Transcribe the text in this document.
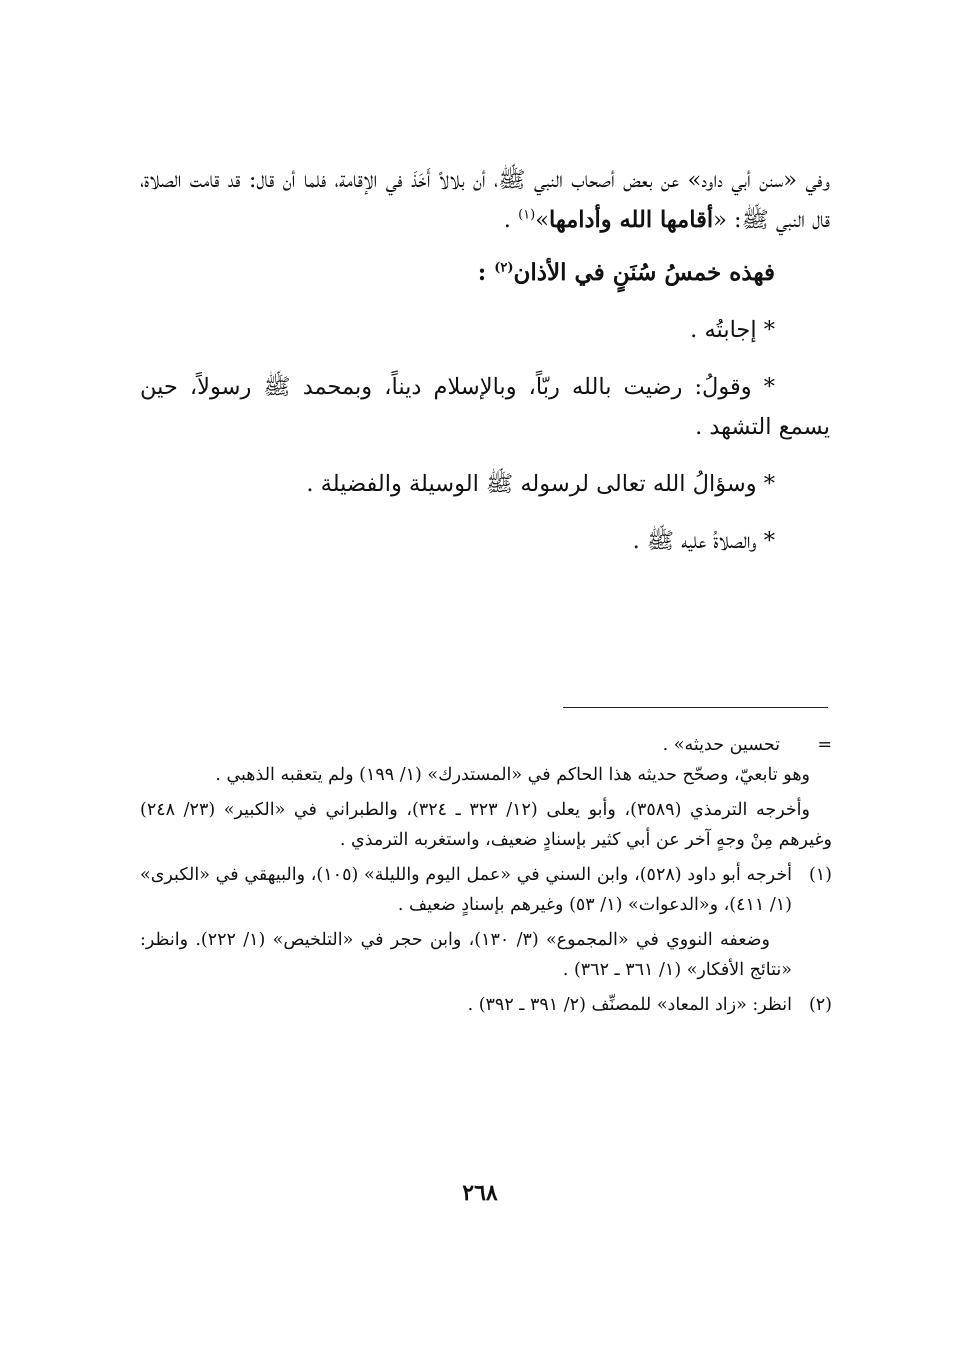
وفي «سنن أبي داود» عن بعض أصحاب النبي ﷺ، أن بلالاً أَخَذَ في الإقامة، فلما أن قال: قد قامت الصلاة، قال النبي ﷺ: «أقامها الله وأدامها»$^{(١)}$ .

فهذه خمسُ سُنَنٍ في الأذان$^{(٢)}$ :

* إجابتُه .

* وقولُ: رضيت بالله ربّاً، وبالإسلام ديناً، وبمحمد ﷺ رسولاً، حين يسمع التشهد .

* وسؤالُ الله تعالى لرسوله ﷺ الوسيلة والفضيلة .

* والصلاةُ عليه ﷺ .

=
تحسين حديثه» .

وهو تابعيّ، وصحّح حديثه هذا الحاكم في «المستدرك» (١/ ١٩٩) ولم يتعقبه الذهبي .

وأخرجه الترمذي (٣٥٨٩)، وأبو يعلى (١٢/ ٣٢٣ ـ ٣٢٤)، والطبراني في «الكبير» (٢٣/ ٢٤٨) وغيرهم مِنْ وجهٍ آخر عن أبي كثير بإسنادٍ ضعيف، واستغربه الترمذي .

(١)
أخرجه أبو داود (٥٢٨)، وابن السني في «عمل اليوم والليلة» (١٠٥)، والبيهقي في «الكبرى» (١/ ٤١١)، و«الدعوات» (١/ ٥٣) وغيرهم بإسنادٍ ضعيف .

وضعفه النووي في «المجموع» (٣/ ١٣٠)، وابن حجر في «التلخيص» (١/ ٢٢٢). وانظر: «نتائج الأفكار» (١/ ٣٦١ ـ ٣٦٢) .

(٢)
انظر: «زاد المعاد» للمصنِّف (٢/ ٣٩١ ـ ٣٩٢) .
٢٦٨
